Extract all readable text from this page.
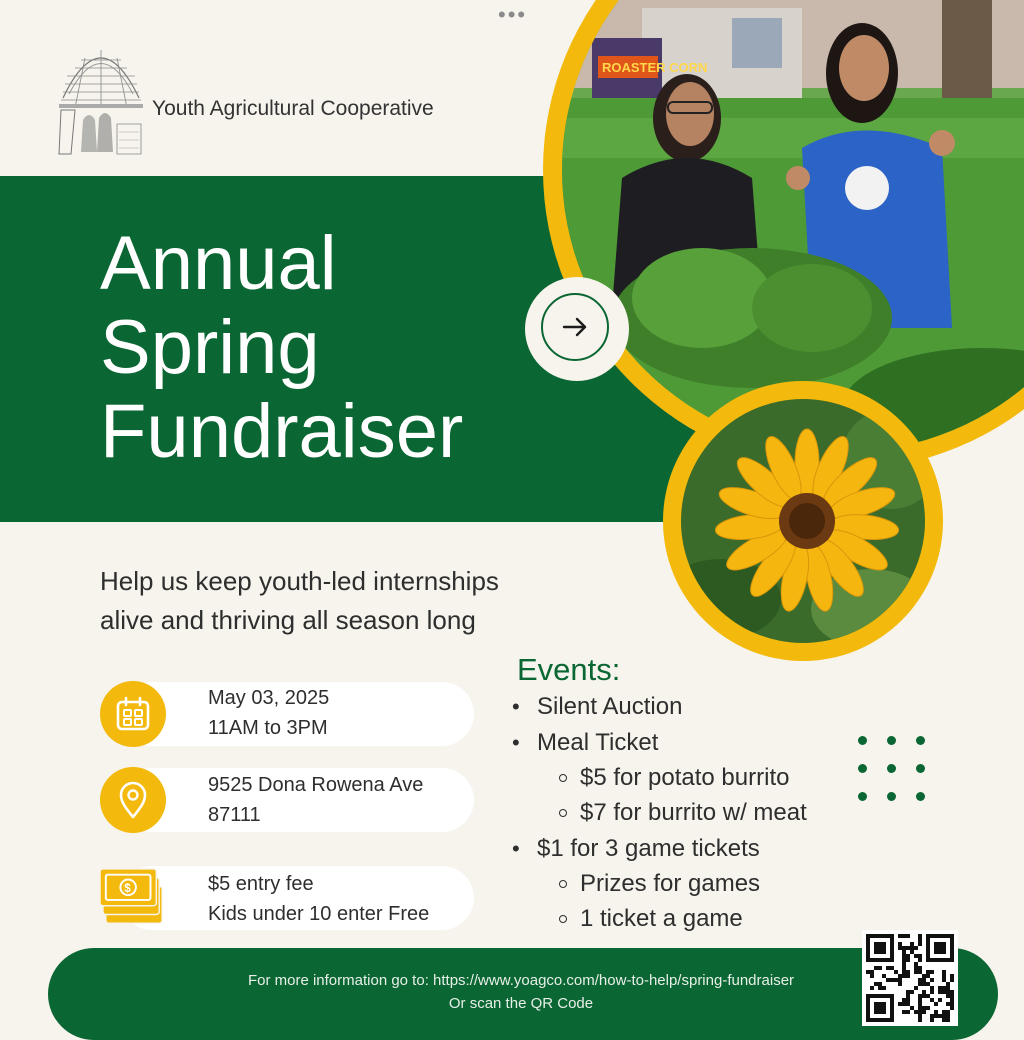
•••
Youth Agricultural Cooperative
Annual
Spring
Fundraiser
ROASTER CORN
Help us keep youth-led internships
alive and thriving all season long
May 03, 2025
11AM to 3PM
9525 Dona Rowena Ave
87111
$	$5 entry fee
Kids under 10 enter Free
Events:
• Silent Auction
• Meal Ticket
$5 for potato burrito
$7 for burrito w/ meat
• $1 for 3 game tickets
Prizes for games
1 ticket a game
For more information go to: https://www.yoagco.com/how-to-help/spring-fundraiser
Or scan the QR Code
